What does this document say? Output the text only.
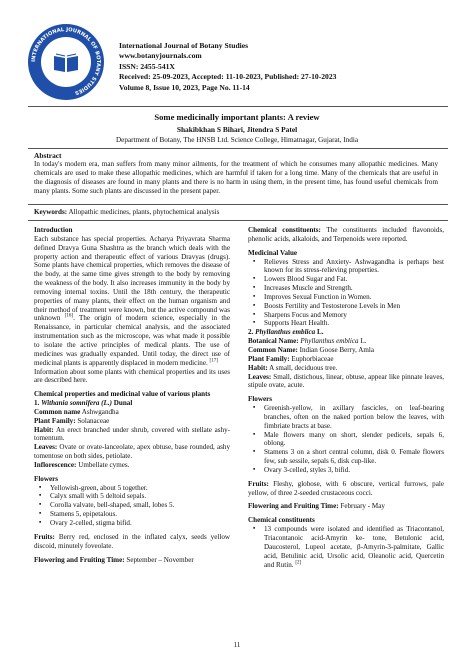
INTERNATIONAL JOURNAL OF BOTANY STUDIES
International Journal of Botany Studies
www.botanyjournals.com
ISSN: 2455-541X
Received: 25-09-2023, Accepted: 11-10-2023, Published: 27-10-2023
Volume 8, Issue 10, 2023, Page No. 11-14
Some medicinally important plants: A review
Shakibkhan S Bihari, Jitendra S Patel
Department of Botany, The HNSB Ltd. Science College, Himatnagar, Gujarat, India
Abstract
In today's modern era, man suffers from many minor ailments, for the treatment of which he consumes many allopathic medicines. Many chemicals are used to make these allopathic medicines, which are harmful if taken for a long time. Many of the chemicals that are useful in the diagnosis of diseases are found in many plants and there is no harm in using them, in the present time, has found useful chemicals from many plants. Some such plants are discussed in the present paper.
Keywords: Allopathic medicines, plants, phytochemical analysis

Introduction

Each substance has special properties. Acharya Priyavrata Sharma defined Dravya Guna Shashtra as the branch which deals with the property action and therapeutic effect of various Dravyas (drugs). Some plants have chemical properties, which removes the disease of the body, at the same time gives strength to the body by removing the weakness of the body. It also increases immunity in the body by removing internal toxins. Until the 18th century, the therapeutic properties of many plants, their effect on the human organism and their method of treatment were known, but the active compound was unknown [16]. The origin of modern science, especially in the Renaissance, in particular chemical analysis, and the associated instrumentation such as the microscope, was what made it possible to isolate the active principles of medical plants. The use of medicines was gradually expanded. Until today, the direct use of medicinal plants is apparently displaced in modern medicine. [17]

Information about some plants with chemical properties and its uses are described here.

Chemical properties and medicinal value of various plants

1. Withania somnifera (L.) Dunal

Common name Ashwgandha

Plant Family: Solanaceae

Habit: An erect branched under shrub, covered with stellate ashy-tomentum.

Leaves: Ovate or ovate-lanceolate, apex obtuse, base rounded, ashy tomentose on both sides, petiolate.

Inflorescence: Umbellate cymes.

Flowers

▪ Yellowish-green, about 5 together.
▪ Calyx small with 5 deltoid sepals.
▪ Corolla valvate, bell-shaped, small, lobes 5.
▪ Stamens 5, epipetalous.
▪ Ovary 2-celled, stigma bifid.

Fruits: Berry red, enclosed in the inflated calyx, seeds yellow discoid, minutely foveolate.

Flowering and Fruiting Time: September – November

Chemical constituents: The constituents included flavonoids, phenolic acids, alkaloids, and Terpenoids were reported.

Medicinal Value

▪ Relieves Stress and Anxiety- Ashwagandha is perhaps best known for its stress-relieving properties.
▪ Lowers Blood Sugar and Fat.
▪ Increases Muscle and Strength.
▪ Improves Sexual Function in Women.
▪ Boosts Fertility and Testosterone Levels in Men
▪ Sharpens Focus and Memory
▪ Supports Heart Health.

2. Phyllanthus emblica L.

Botanical Name: Phyllanthus emblica L.

Common Name: Indian Goose Berry, Amla

Plant Family: Euphorbiaceae

Habit: A small, deciduous tree.

Leaves: Small, distichous, linear, obtuse, appear like pinnate leaves, stipule ovate, acute.

Flowers

▪ Greenish-yellow, in axillary fascicles, on leaf-bearing branches, often on the naked portion below the leaves, with fimbriate bracts at base.
▪ Male flowers many on short, slender pedicels, sepals 6, oblong.
▪ Stamens 3 on a short central column, disk 0. Female flowers few, sub sessile, sepals 6, disk cup-like.
▪ Ovary 3-celled, styles 3, bifid.

Fruits: Fleshy, globose, with 6 obscure, vertical furrows, pale yellow, of three 2-seeded crustaceous cocci.

Flowering and Fruiting Time: February - May

Chemical constituents

▪ 13 compounds were isolated and identified as Triacontanol, Triacontanoic acid-Amyrin ke- tone, Betulonic acid, Daucosterol, Lupeol acetate, β-Amyrin-3-palmitate, Gallic acid, Betulinic acid, Ursolic acid, Oleanolic acid, Quercetin and Rutin. [2]
11
